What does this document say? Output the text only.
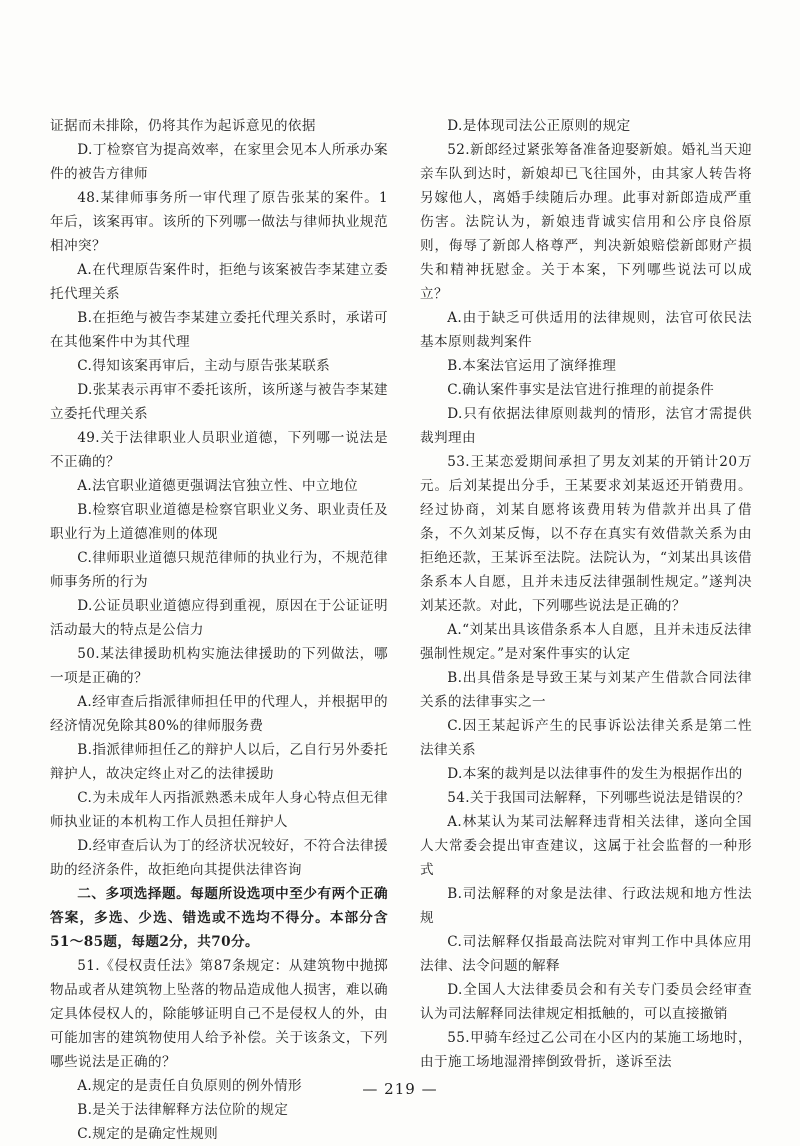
证据而未排除，仍将其作为起诉意见的依据

D.丁检察官为提高效率，在家里会见本人所承办案件的被告方律师

48.某律师事务所一审代理了原告张某的案件。1年后，该案再审。该所的下列哪一做法与律师执业规范相冲突？

A.在代理原告案件时，拒绝与该案被告李某建立委托代理关系

B.在拒绝与被告李某建立委托代理关系时，承诺可在其他案件中为其代理

C.得知该案再审后，主动与原告张某联系

D.张某表示再审不委托该所，该所遂与被告李某建立委托代理关系

49.关于法律职业人员职业道德，下列哪一说法是不正确的？

A.法官职业道德更强调法官独立性、中立地位

B.检察官职业道德是检察官职业义务、职业责任及职业行为上道德准则的体现

C.律师职业道德只规范律师的执业行为，不规范律师事务所的行为

D.公证员职业道德应得到重视，原因在于公证证明活动最大的特点是公信力

50.某法律援助机构实施法律援助的下列做法，哪一项是正确的？

A.经审查后指派律师担任甲的代理人，并根据甲的经济情况免除其80%的律师服务费

B.指派律师担任乙的辩护人以后，乙自行另外委托辩护人，故决定终止对乙的法律援助

C.为未成年人丙指派熟悉未成年人身心特点但无律师执业证的本机构工作人员担任辩护人

D.经审查后认为丁的经济状况较好，不符合法律援助的经济条件，故拒绝向其提供法律咨询

二、多项选择题。每题所设选项中至少有两个正确答案，多选、少选、错选或不选均不得分。本部分含51～85题，每题2分，共70分。

51.《侵权责任法》第87条规定：从建筑物中抛掷物品或者从建筑物上坠落的物品造成他人损害，难以确定具体侵权人的，除能够证明自己不是侵权人的外，由可能加害的建筑物使用人给予补偿。关于该条文，下列哪些说法是正确的？

A.规定的是责任自负原则的例外情形

B.是关于法律解释方法位阶的规定

C.规定的是确定性规则

D.是体现司法公正原则的规定

52.新郎经过紧张筹备准备迎娶新娘。婚礼当天迎亲车队到达时，新娘却已飞往国外，由其家人转告将另嫁他人，离婚手续随后办理。此事对新郎造成严重伤害。法院认为，新娘违背诚实信用和公序良俗原则，侮辱了新郎人格尊严，判决新娘赔偿新郎财产损失和精神抚慰金。关于本案，下列哪些说法可以成立？

A.由于缺乏可供适用的法律规则，法官可依民法基本原则裁判案件

B.本案法官运用了演绎推理

C.确认案件事实是法官进行推理的前提条件

D.只有依据法律原则裁判的情形，法官才需提供裁判理由

53.王某恋爱期间承担了男友刘某的开销计20万元。后刘某提出分手，王某要求刘某返还开销费用。经过协商，刘某自愿将该费用转为借款并出具了借条，不久刘某反悔，以不存在真实有效借款关系为由拒绝还款，王某诉至法院。法院认为，“刘某出具该借条系本人自愿，且并未违反法律强制性规定。”遂判决刘某还款。对此，下列哪些说法是正确的？

A.“刘某出具该借条系本人自愿，且并未违反法律强制性规定。”是对案件事实的认定

B.出具借条是导致王某与刘某产生借款合同法律关系的法律事实之一

C.因王某起诉产生的民事诉讼法律关系是第二性法律关系

D.本案的裁判是以法律事件的发生为根据作出的

54.关于我国司法解释，下列哪些说法是错误的？

A.林某认为某司法解释违背相关法律，遂向全国人大常委会提出审查建议，这属于社会监督的一种形式

B.司法解释的对象是法律、行政法规和地方性法规

C.司法解释仅指最高法院对审判工作中具体应用法律、法令问题的解释

D.全国人大法律委员会和有关专门委员会经审查认为司法解释同法律规定相抵触的，可以直接撤销

55.甲骑车经过乙公司在小区内的某施工场地时，由于施工场地湿滑摔倒致骨折，遂诉至法

— 219 —
